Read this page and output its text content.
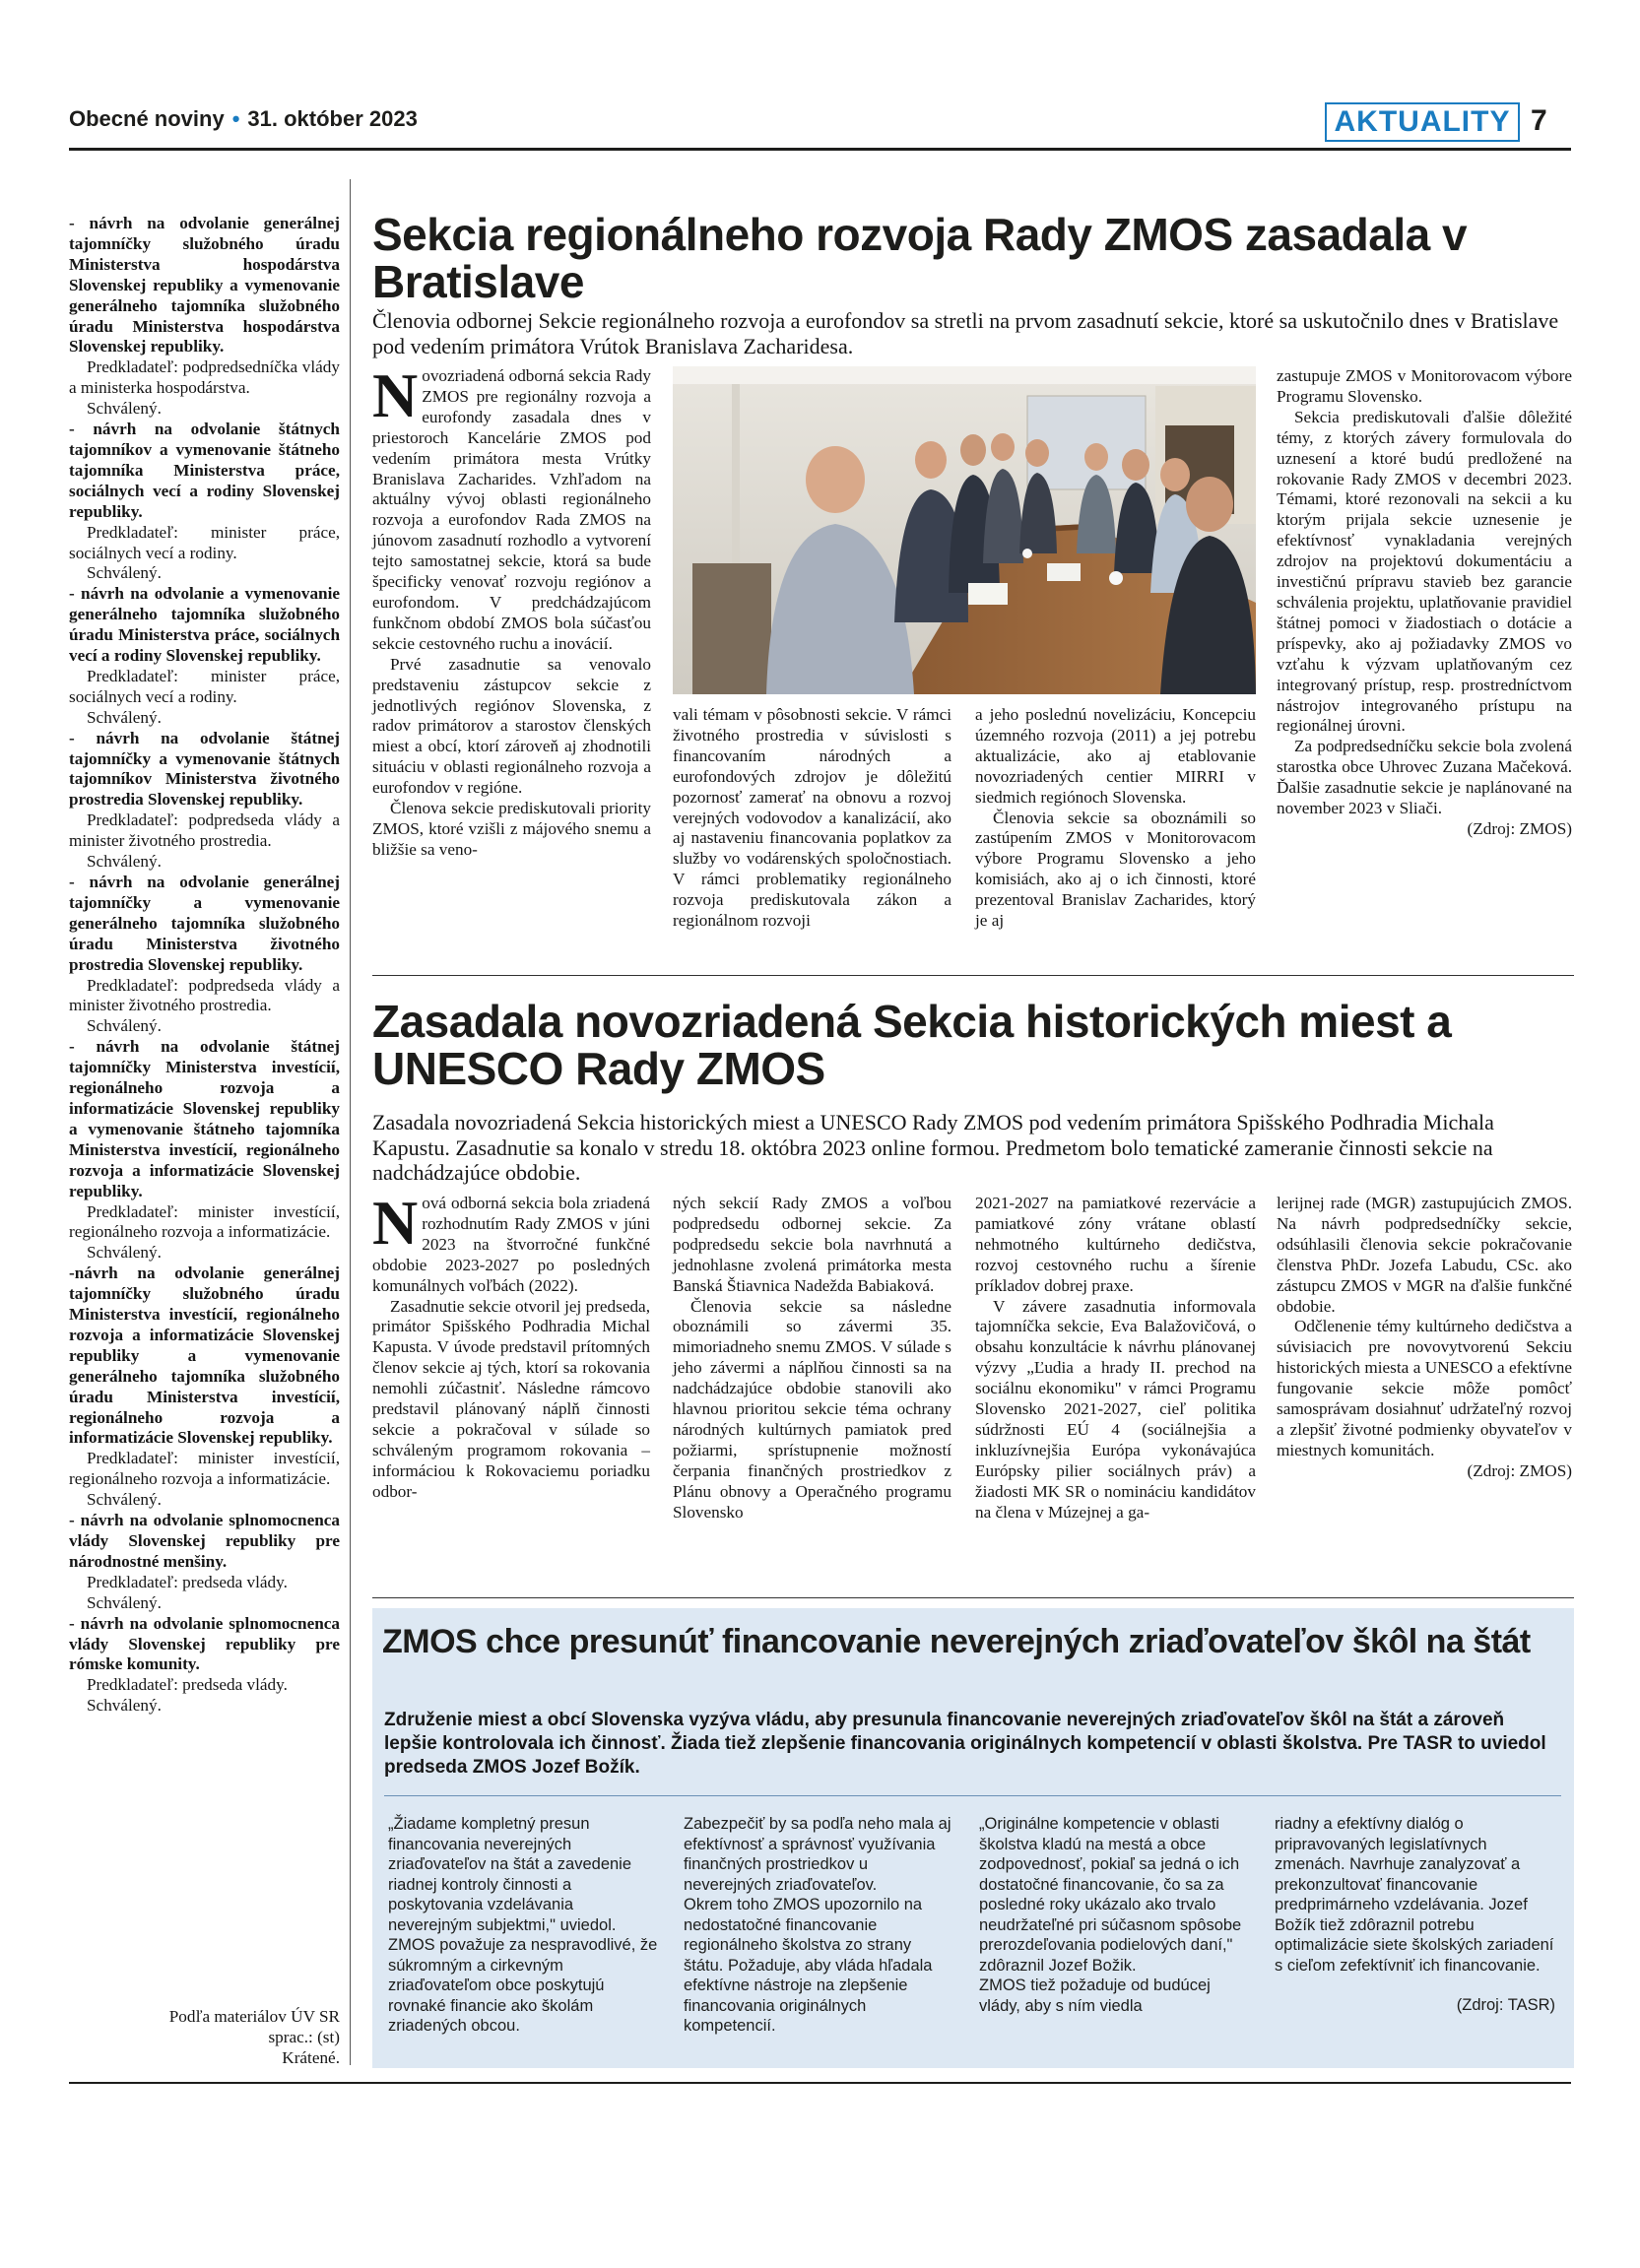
Obecné noviny • 31. október 2023	AKTUALITY 7

- návrh na odvolanie generálnej tajomníčky služobného úradu Ministerstva hospodárstva Slovenskej republiky a vymenovanie generálneho tajomníka služobného úradu Ministerstva hospodárstva Slovenskej republiky.

Predkladateľ: podpredsedníčka vlády a ministerka hospodárstva.

Schválený.

- návrh na odvolanie štátnych tajomníkov a vymenovanie štátneho tajomníka Ministerstva práce, sociálnych vecí a rodiny Slovenskej republiky.

Predkladateľ: minister práce, sociálnych vecí a rodiny.

Schválený.

- návrh na odvolanie a vymenovanie generálneho tajomníka služobného úradu Ministerstva práce, sociálnych vecí a rodiny Slovenskej republiky.

Predkladateľ: minister práce, sociálnych vecí a rodiny.

Schválený.

- návrh na odvolanie štátnej tajomníčky a vymenovanie štátnych tajomníkov Ministerstva životného prostredia Slovenskej republiky.

Predkladateľ: podpredseda vlády a minister životného prostredia.

Schválený.

- návrh na odvolanie generálnej tajomníčky a vymenovanie generálneho tajomníka služobného úradu Ministerstva životného prostredia Slovenskej republiky.

Predkladateľ: podpredseda vlády a minister životného prostredia.

Schválený.

- návrh na odvolanie štátnej tajomníčky Ministerstva investícií, regionálneho rozvoja a informatizácie Slovenskej republiky a vymenovanie štátneho tajomníka Ministerstva investícií, regionálneho rozvoja a informatizácie Slovenskej republiky.

Predkladateľ: minister investícií, regionálneho rozvoja a informatizácie.

Schválený.

-návrh na odvolanie generálnej tajomníčky služobného úradu Ministerstva investícií, regionálneho rozvoja a informatizácie Slovenskej republiky a vymenovanie generálneho tajomníka služobného úradu Ministerstva investícií, regionálneho rozvoja a informatizácie Slovenskej republiky.

Predkladateľ: minister investícií, regionálneho rozvoja a informatizácie.

Schválený.

- návrh na odvolanie splnomocnenca vlády Slovenskej republiky pre národnostné menšiny.

Predkladateľ: predseda vlády.

Schválený.

- návrh na odvolanie splnomocnenca vlády Slovenskej republiky pre rómske komunity.

Predkladateľ: predseda vlády.

Schválený.

Podľa materiálov ÚV SR
sprac.: (st)
Krátené.
Sekcia regionálneho rozvoja Rady ZMOS zasadala v Bratislave

Členovia odbornej Sekcie regionálneho rozvoja a eurofondov sa stretli na prvom zasadnutí sekcie, ktoré sa uskutočnilo dnes v Bratislave pod vedením primátora Vrútok Branislava Zacharidesa.

Novozriadená odborná sekcia Rady ZMOS pre regionálny rozvoja a eurofondy zasadala dnes v priestoroch Kancelárie ZMOS pod vedením primátora mesta Vrútky Branislava Zacharides. Vzhľadom na aktuálny vývoj oblasti regionálneho rozvoja a eurofondov Rada ZMOS na júnovom zasadnutí rozhodlo a vytvorení tejto samostatnej sekcie, ktorá sa bude špecificky venovať rozvoju regiónov a eurofondom. V predchádzajúcom funkčnom období ZMOS bola súčasťou sekcie cestovného ruchu a inovácií.

Prvé zasadnutie sa venovalo predstaveniu zástupcov sekcie z jednotlivých regiónov Slovenska, z radov primátorov a starostov členských miest a obcí, ktorí zároveň aj zhodnotili situáciu v oblasti regionálneho rozvoja a eurofondov v regióne.

Členova sekcie prediskutovali priority ZMOS, ktoré vzišli z májového snemu a bližšie sa veno-

vali témam v pôsobnosti sekcie. V rámci životného prostredia v súvislosti s financovaním národných a eurofondových zdrojov je dôležitú pozornosť zamerať na obnovu a rozvoj verejných vodovodov a kanalizácií, ako aj nastaveniu financovania poplatkov za služby vo vodárenských spoločnostiach. V rámci problematiky regionálneho rozvoja prediskutovala zákon a regionálnom rozvoji

a jeho poslednú novelizáciu, Koncepciu územného rozvoja (2011) a jej potrebu aktualizácie, ako aj etablovanie novozriadených centier MIRRI v siedmich regiónoch Slovenska.

Členovia sekcie sa oboznámili so zastúpením ZMOS v Monitorovacom výbore Programu Slovensko a jeho komisiách, ako aj o ich činnosti, ktoré prezentoval Branislav Zacharides, ktorý je aj

zastupuje ZMOS v Monitorovacom výbore Programu Slovensko.

Sekcia prediskutovali ďalšie dôležité témy, z ktorých závery formulovala do uznesení a ktoré budú predložené na rokovanie Rady ZMOS v decembri 2023. Témami, ktoré rezonovali na sekcii a ku ktorým prijala sekcie uznesenie je efektívnosť vynakladania verejných zdrojov na projektovú dokumentáciu a investičnú prípravu stavieb bez garancie schválenia projektu, uplatňovanie pravidiel štátnej pomoci v žiadostiach o dotácie a príspevky, ako aj požiadavky ZMOS vo vzťahu k výzvam uplatňovaným cez integrovaný prístup, resp. prostredníctvom nástrojov integrovaného prístupu na regionálnej úrovni.

Za podpredsedníčku sekcie bola zvolená starostka obce Uhrovec Zuzana Mačeková. Ďalšie zasadnutie sekcie je naplánované na november 2023 v Sliači.

(Zdroj: ZMOS)

Zasadala novozriadená Sekcia historických miest a UNESCO Rady ZMOS

Zasadala novozriadená Sekcia historických miest a UNESCO Rady ZMOS pod vedením primátora Spišského Podhradia Michala Kapustu. Zasadnutie sa konalo v stredu 18. októbra 2023 online formou. Predmetom bolo tematické zameranie činnosti sekcie na nadchádzajúce obdobie.

Nová odborná sekcia bola zriadená rozhodnutím Rady ZMOS v júni 2023 na štvorročné funkčné obdobie 2023-2027 po posledných komunálnych voľbách (2022).

Zasadnutie sekcie otvoril jej predseda, primátor Spišského Podhradia Michal Kapusta. V úvode predstavil prítomných členov sekcie aj tých, ktorí sa rokovania nemohli zúčastniť. Následne rámcovo predstavil plánovaný náplň činnosti sekcie a pokračoval v súlade so schváleným programom rokovania – informáciou k Rokovaciemu poriadku odbor-

ných sekcií Rady ZMOS a voľbou podpredsedu odbornej sekcie. Za podpredsedu sekcie bola navrhnutá a jednohlasne zvolená primátorka mesta Banská Štiavnica Nadežda Babiaková.

Členovia sekcie sa následne oboznámili so závermi 35. mimoriadneho snemu ZMOS. V súlade s jeho závermi a náplňou činnosti sa na nadchádzajúce obdobie stanovili ako hlavnou prioritou sekcie téma ochrany národných kultúrnych pamiatok pred požiarmi, sprístupnenie možností čerpania finančných prostriedkov z Plánu obnovy a Operačného programu Slovensko

2021-2027 na pamiatkové rezervácie a pamiatkové zóny vrátane oblastí nehmotného kultúrneho dedičstva, rozvoj cestovného ruchu a šírenie príkladov dobrej praxe.

V závere zasadnutia informovala tajomníčka sekcie, Eva Balažovičová, o obsahu konzultácie k návrhu plánovanej výzvy „Ľudia a hrady II. prechod na sociálnu ekonomiku" v rámci Programu Slovensko 2021-2027, cieľ politika súdržnosti EÚ 4 (sociálnejšia a inkluzívnejšia Európa vykonávajúca Európsky pilier sociálnych práv) a žiadosti MK SR o nomináciu kandidátov na člena v Múzejnej a ga-

lerijnej rade (MGR) zastupujúcich ZMOS. Na návrh podpredsedníčky sekcie, odsúhlasili členovia sekcie pokračovanie členstva PhDr. Jozefa Labudu, CSc. ako zástupcu ZMOS v MGR na ďalšie funkčné obdobie.

Odčlenenie témy kultúrneho dedičstva a súvisiacich pre novovytvorenú Sekciu historických miesta a UNESCO a efektívne fungovanie sekcie môže pomôcť samosprávam dosiahnuť udržateľný rozvoj a zlepšiť životné podmienky obyvateľov v miestnych komunitách.

(Zdroj: ZMOS)

ZMOS chce presunúť financovanie neverejných zriaďovateľov škôl na štát

Združenie miest a obcí Slovenska vyzýva vládu, aby presunula financovanie neverejných zriaďovateľov škôl na štát a zároveň lepšie kontrolovala ich činnosť. Žiada tiež zlepšenie financovania originálnych kompetencií v oblasti školstva. Pre TASR to uviedol predseda ZMOS Jozef Božík.

„Žiadame kompletný presun financovania neverejných zriaďovateľov na štát a zavedenie riadnej kontroly činnosti a poskytovania vzdelávania neverejným subjektmi," uviedol.

ZMOS považuje za nespravodlivé, že súkromným a cirkevným zriaďovateľom obce poskytujú rovnaké financie ako školám zriadených obcou.

Zabezpečiť by sa podľa neho mala aj efektívnosť a správnosť využívania finančných prostriedkov u neverejných zriaďovateľov.

Okrem toho ZMOS upozornilo na nedostatočné financovanie regionálneho školstva zo strany štátu. Požaduje, aby vláda hľadala efektívne nástroje na zlepšenie financovania originálnych kompetencií.

„Originálne kompetencie v oblasti školstva kladú na mestá a obce zodpovednosť, pokiaľ sa jedná o ich dostatočné financovanie, čo sa za posledné roky ukázalo ako trvalo neudržateľné pri súčasnom spôsobe prerozdeľovania podielových daní," zdôraznil Jozef Božik.

ZMOS tiež požaduje od budúcej vlády, aby s ním viedla

riadny a efektívny dialóg o pripravovaných legislatívnych zmenách. Navrhuje zanalyzovať a prekonzultovať financovanie predprimárneho vzdelávania. Jozef Božík tiež zdôraznil potrebu optimalizácie siete školských zariadení s cieľom zefektívniť ich financovanie.

(Zdroj: TASR)
